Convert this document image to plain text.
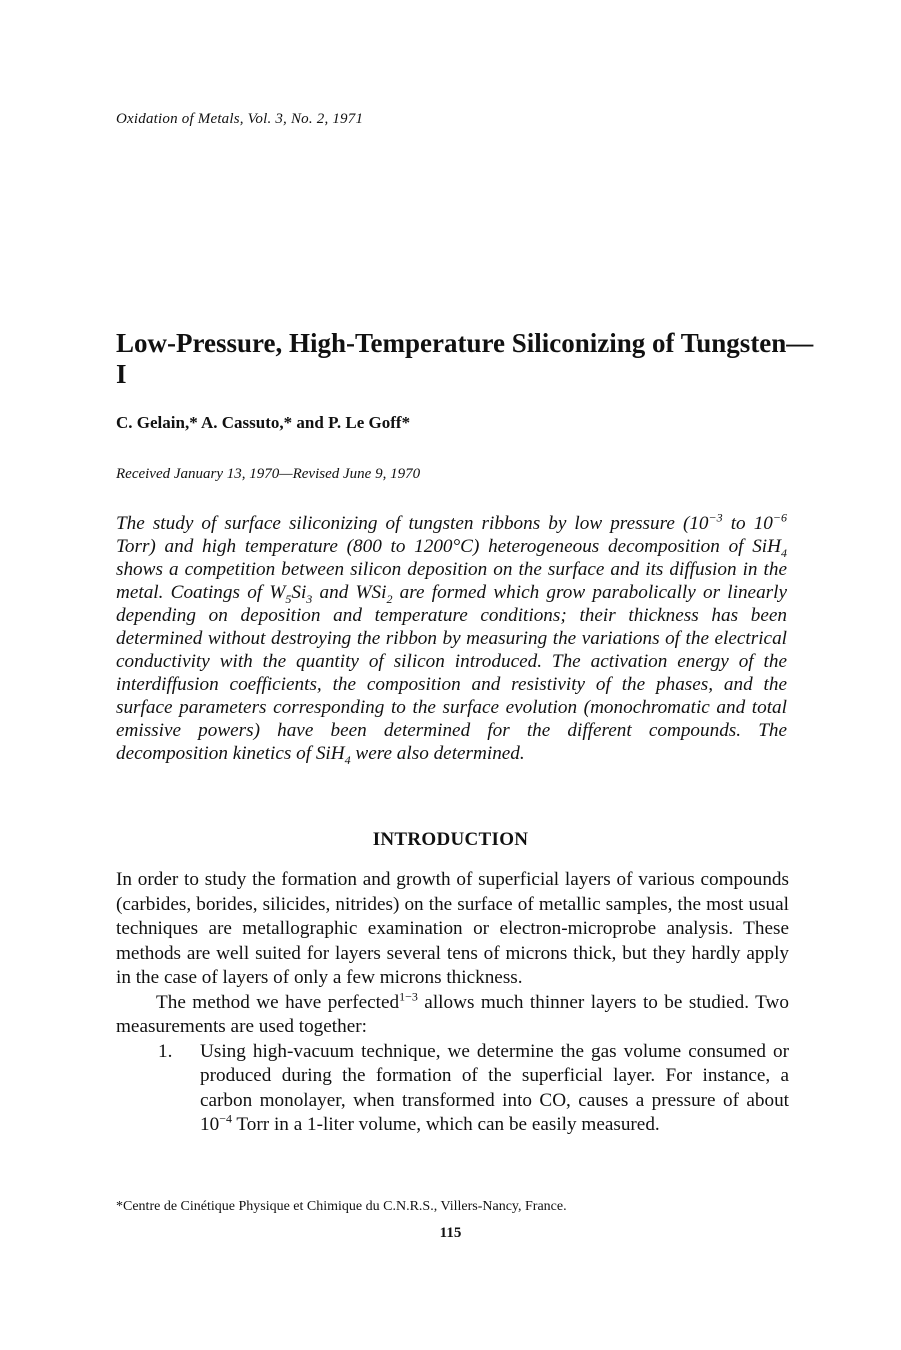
Oxidation of Metals, Vol. 3, No. 2, 1971
Low-Pressure, High-Temperature Siliconizing of Tungsten—I
C. Gelain,* A. Cassuto,* and P. Le Goff*
Received January 13, 1970—Revised June 9, 1970

The study of surface siliconizing of tungsten ribbons by low pressure ($10^{-3}$ to $10^{-6}$ Torr) and high temperature (800 to 1200°C) heterogeneous decomposition of SiH$_4$ shows a competition between silicon deposition on the surface and its diffusion in the metal. Coatings of $W_5Si_3$ and WSi$_2$ are formed which grow parabolically or linearly depending on deposition and temperature conditions; their thickness has been determined without destroying the ribbon by measuring the variations of the electrical conductivity with the quantity of silicon introduced. The activation energy of the interdiffusion coefficients, the composition and resistivity of the phases, and the surface parameters corresponding to the surface evolution (monochromatic and total emissive powers) have been determined for the different compounds. The decomposition kinetics of SiH$_4$ were also determined.

INTRODUCTION

In order to study the formation and growth of superficial layers of various compounds (carbides, borides, silicides, nitrides) on the surface of metallic samples, the most usual techniques are metallographic examination or electron-microprobe analysis. These methods are well suited for layers several tens of microns thick, but they hardly apply in the case of layers of only a few microns thickness.

The method we have perfected$^{1-3}$ allows much thinner layers to be studied. Two measurements are used together:

1.	Using high-vacuum technique, we determine the gas volume consumed or produced during the formation of the superficial layer. For instance, a carbon monolayer, when transformed into CO, causes a pressure of about $10^{-4}$ Torr in a 1-liter volume, which can be easily measured.
*Centre de Cinétique Physique et Chimique du C.N.R.S., Villers-Nancy, France.
115
